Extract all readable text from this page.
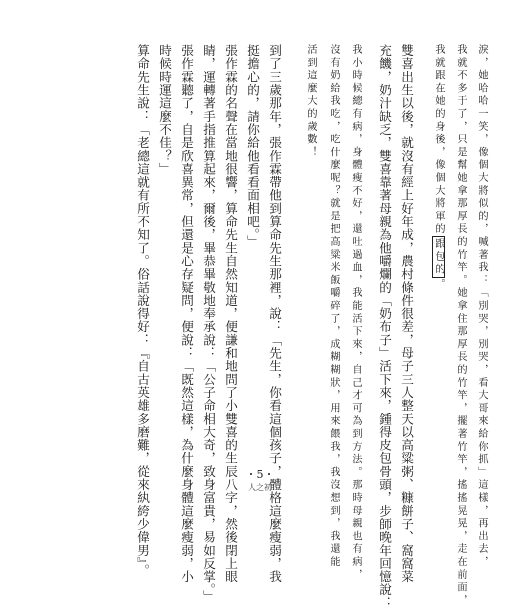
淚，她哈哈一笑，像個大將似的，喊著我：「別哭，別哭，看大哥來給你抓」這樣，再出去，
我就不多于了，只是幫她拿那厚長的竹竿。她拿住那厚長的竹竿，擺著竹竿，搖搖晃晃，走在前面，
我就跟在她的身後，像個大將軍的跟包的。
雙喜出生以後，就沒有經上好年成，農村條件很差，母子三人整天以高粱粥、糠餅子、窩窩菜
充饑，奶汁缺乏，雙喜靠著母親為他嚼爛的「奶布子」活下來，鍾得皮包骨頭，步師晚年回憶說：
我小時候總有病，身體瘦不好，還吐過血，我能活下來，自己才可為到方法。那時母親也有病，
沒有奶給我吃，吃什麼呢？就是把高粱米飯嚼碎了，成糊糊狀，用來餵我，我沒想到，我還能
活到這麼大的歲數！
到了三歲那年，張作霖帶他到算命先生那裡，說：「先生，你看這個孩子，體格這麼瘦弱，我
挺擔心的，請你給他看看面相吧。」
張作霖的名聲在當地很響，算命先生自然知道，便謙和地問了小雙喜的生辰八字，然後閉上眼
睛，運轉著手指推算起來，爾後，畢恭畢敬地奉承說：「公子命相大奇，致身富貴，易如反掌。」
張作霖聽了，自是欣喜異常，但還是心存疑問，便說：「既然這樣，為什麼身體這麼瘦弱，小
時候時運這麼不佳？」
算命先生說：「老總這就有所不知了。俗話說得好：『自古英雄多磨難，從來紈絝少偉男』。	・5・
人之初
